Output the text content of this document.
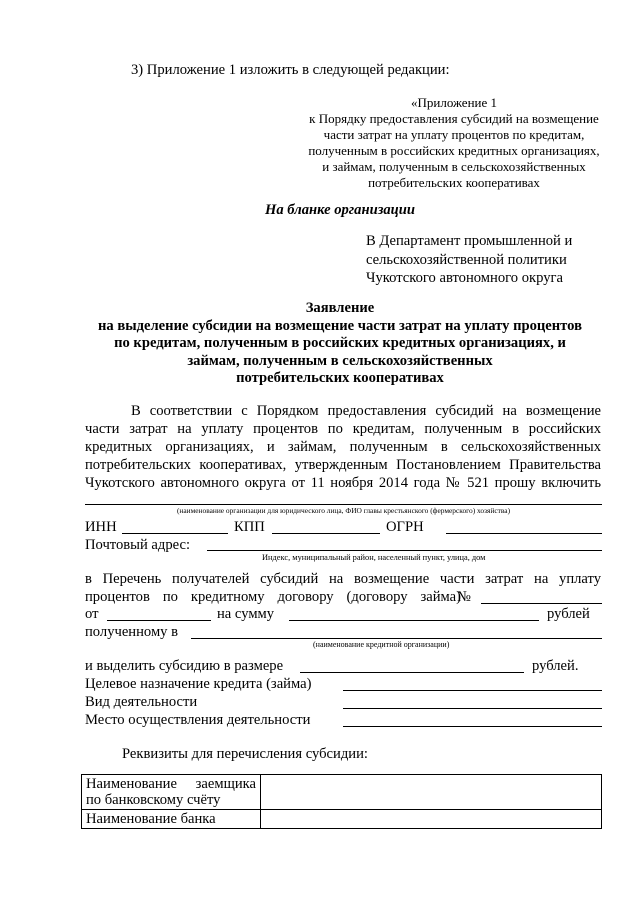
3) Приложение 1 изложить в следующей редакции:
«Приложение 1
к Порядку предоставления субсидий на возмещение
части затрат на уплату процентов по кредитам,
полученным в российских кредитных организациях,
и займам, полученным в сельскохозяйственных
потребительских кооперативах
На бланке организации
В Департамент промышленной и
сельскохозяйственной политики
Чукотского автономного округа
Заявление
на выделение субсидии на возмещение части затрат на уплату процентов
по кредитам, полученным в российских кредитных организациях, и
займам, полученным в сельскохозяйственных
потребительских кооперативах
В соответствии с Порядком предоставления субсидий на возмещение
части затрат на уплату процентов по кредитам, полученным в российских
кредитных организациях, и займам, полученным в сельскохозяйственных
потребительских кооперативах, утвержденным Постановлением Правительства
Чукотского автономного округа от 11 ноября 2014 года № 521 прошу включить
(наименование организации для юридического лица, ФИО главы крестьянского (фермерского) хозяйства)
ИНН	КПП	ОГРН
Почтовый адрес:
Индекс, муниципальный район, населенный пункт, улица, дом
в Перечень получателей субсидий на возмещение части затрат на уплату
процентов по кредитному договору (договору займа)
№
от	на сумму	рублей
полученному в
(наименование кредитной организации)
и выделить субсидию в размере	рублей.
Целевое назначение кредита (займа)
Вид деятельности
Место осуществления деятельности
Реквизиты для перечисления субсидии:
Наименование заемщика по банковскому счёту	
Наименование банка	
